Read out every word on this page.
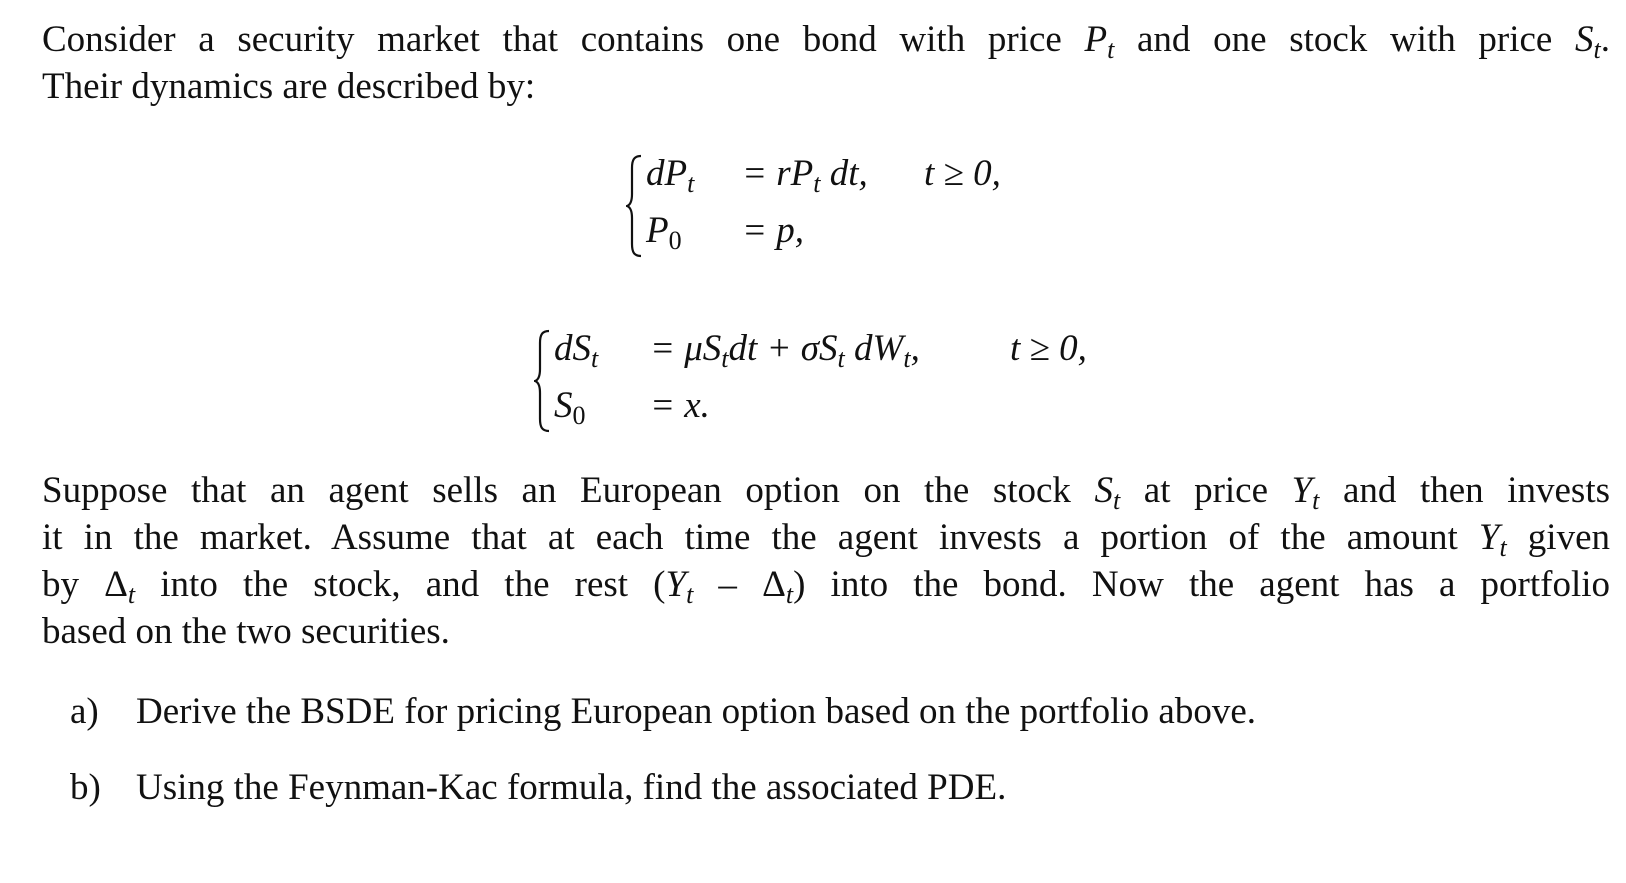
Consider a security market that contains one bond with price $P_t$ and one stock with price $S_t$.
Their dynamics are described by:
$dP_t = rP_t$ dt, t ≥ 0,
$P_0 = p$,
$dS_t = \mu S_tdt + \sigma S_t$ $dW_t$, t ≥ 0,
$S_0 = x$.
Suppose that an agent sells an European option on the stock $S_t$ at price $Y_t$ and then invests
it in the market. Assume that at each time the agent invests a portion of the amount $Y_t$ given
by $\Delta_t$ into the stock, and the rest $(Y_t - \Delta_t)$ into the bond. Now the agent has a portfolio
based on the two securities.
a) Derive the BSDE for pricing European option based on the portfolio above.
b) Using the Feynman-Kac formula, find the associated PDE.
